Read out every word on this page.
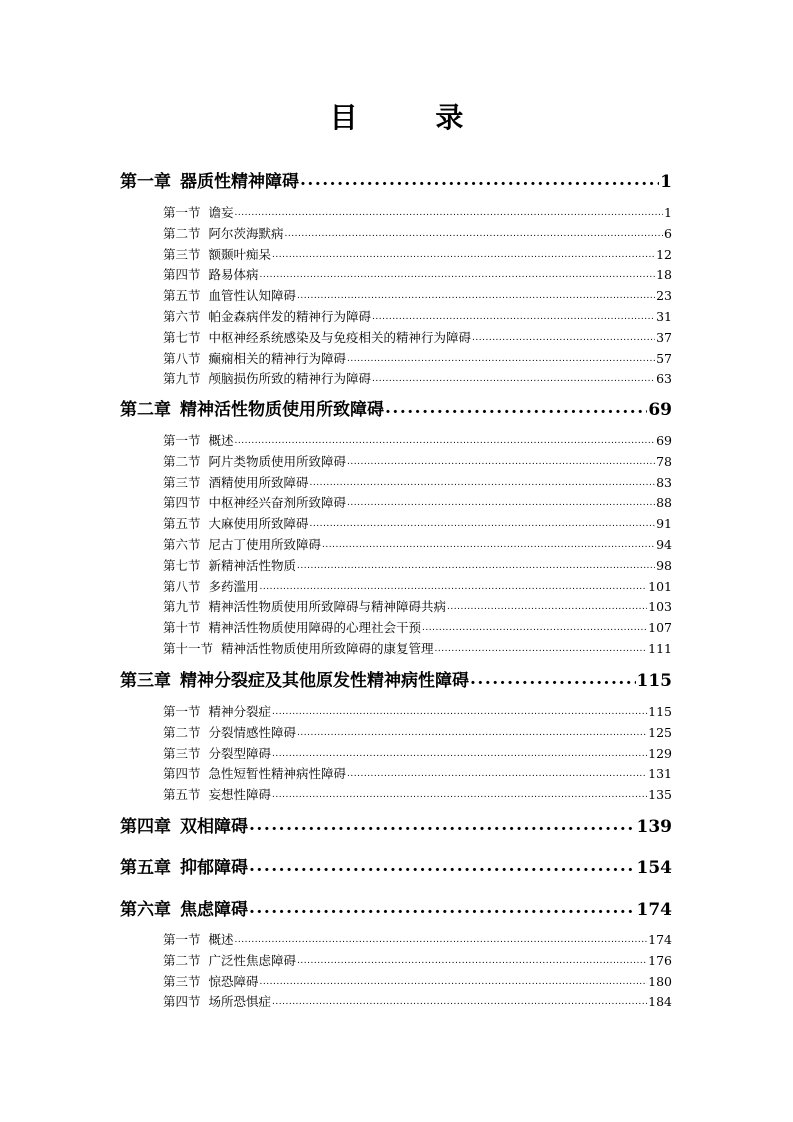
目 录
第一章 器质性精神障碍 .....	1
第一节 谵妄 .....	1
第二节 阿尔茨海默病 .....	6
第三节 额颞叶痴呆 .....	12
第四节 路易体病 .....	18
第五节 血管性认知障碍 .....	23
第六节 帕金森病伴发的精神行为障碍 .....	31
第七节 中枢神经系统感染及与免疫相关的精神行为障碍 .....	37
第八节 癫痫相关的精神行为障碍 .....	57
第九节 颅脑损伤所致的精神行为障碍 .....	63
第二章 精神活性物质使用所致障碍 .....	69
第一节 概述 .....	69
第二节 阿片类物质使用所致障碍 .....	78
第三节 酒精使用所致障碍 .....	83
第四节 中枢神经兴奋剂所致障碍 .....	88
第五节 大麻使用所致障碍 .....	91
第六节 尼古丁使用所致障碍 .....	94
第七节 新精神活性物质 .....	98
第八节 多药滥用 .....	101
第九节 精神活性物质使用所致障碍与精神障碍共病 .....	103
第十节 精神活性物质使用障碍的心理社会干预 .....	107
第十一节 精神活性物质使用所致障碍的康复管理 .....	111
第三章 精神分裂症及其他原发性精神病性障碍 .....	115
第一节 精神分裂症 .....	115
第二节 分裂情感性障碍 .....	125
第三节 分裂型障碍 .....	129
第四节 急性短暂性精神病性障碍 .....	131
第五节 妄想性障碍 .....	135
第四章 双相障碍 .....	139
第五章 抑郁障碍 .....	154
第六章 焦虑障碍 .....	174
第一节 概述 .....	174
第二节 广泛性焦虑障碍 .....	176
第三节 惊恐障碍 .....	180
第四节 场所恐惧症 .....	184
